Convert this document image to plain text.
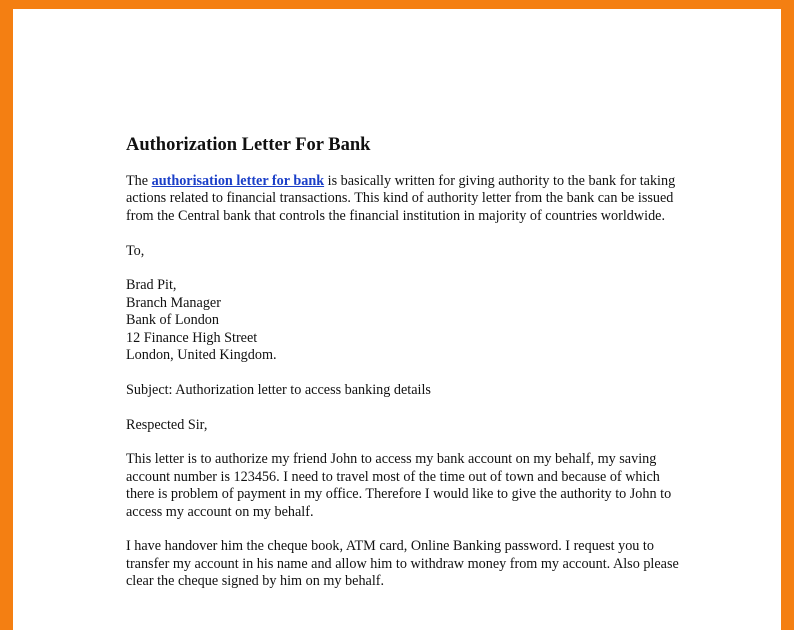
Authorization Letter For Bank

The authorisation letter for bank is basically written for giving authority to the bank for taking actions related to financial transactions. This kind of authority letter from the bank can be issued from the Central bank that controls the financial institution in majority of countries worldwide.

To,

Brad Pit,
Branch Manager
Bank of London
12 Finance High Street
London, United Kingdom.

Subject: Authorization letter to access banking details

Respected Sir,

This letter is to authorize my friend John to access my bank account on my behalf, my saving account number is 123456. I need to travel most of the time out of town and because of which there is problem of payment in my office. Therefore I would like to give the authority to John to access my account on my behalf.

I have handover him the cheque book, ATM card, Online Banking password. I request you to transfer my account in his name and allow him to withdraw money from my account. Also please clear the cheque signed by him on my behalf.
